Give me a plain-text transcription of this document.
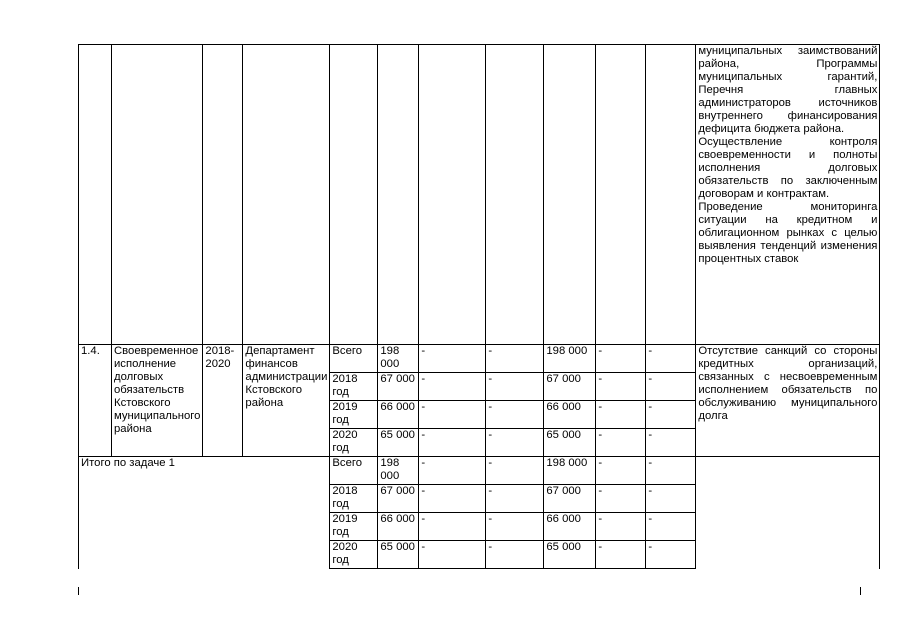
											муниципальных заимствований района, Программы муниципальных гарантий, Перечня главных администраторов источников внутреннего финансирования дефицита бюджета района.

Осуществление контроля своевременности и полноты исполнения долговых обязательств по заключенным договорам и контрактам.

Проведение мониторинга ситуации на кредитном и облигационном рынках с целью выявления тенденций изменения процентных ставок

1.4.	Своевременное исполнение долговых обязательств Кстовского муниципального района	2018-2020	Департамент финансов администрации Кстовского района	Всего	198 000	-	-	198 000	-	-	Отсутствие санкций со стороны кредитных организаций, связанных с несвоевременным исполнением обязательств по обслуживанию муниципального долга

				2018 год	67 000	-	-	67 000	-	-	
				2019 год	66 000	-	-	66 000	-	-	
				2020 год	65 000	-	-	65 000	-	-	
Итого по задаче 1				Всего	198 000	-	-	198 000	-	-	
				2018 год	67 000	-	-	67 000	-	-	
				2019 год	66 000	-	-	66 000	-	-	
				2020 год	65 000	-	-	65 000	-	-	
